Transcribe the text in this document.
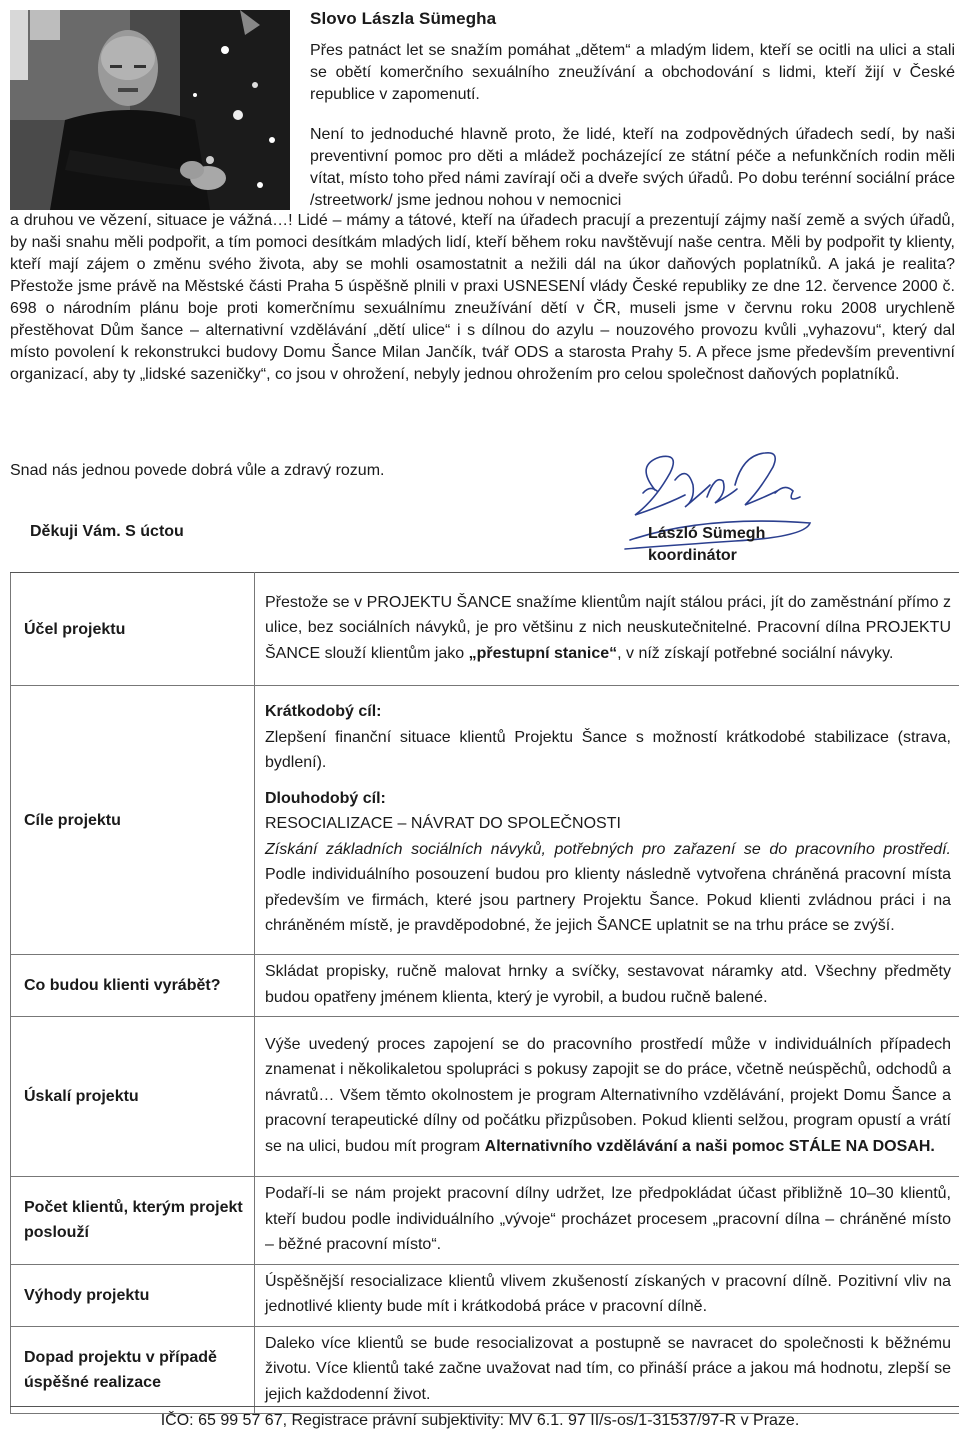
Slovo Lászla Sümegha
Přes patnáct let se snažím pomáhat „dětem“ a mladým lidem, kteří se ocitli na ulici a stali se obětí komerčního sexuálního zneužívání a obchodování s lidmi, kteří žijí v České republice v zapomenutí.
Není to jednoduché hlavně proto, že lidé, kteří na zodpovědných úřadech sedí, by naši preventivní pomoc pro děti a mládež pocházející ze státní péče a nefunkčních rodin měli vítat, místo toho před námi zavírají oči a dveře svých úřadů. Po dobu terénní sociální práce /streetwork/ jsme jednou nohou v nemocnici
a druhou ve vězení, situace je vážná…! Lidé – mámy a tátové, kteří na úřadech pracují a prezentují zájmy naší země a svých úřadů, by naši snahu měli podpořit, a tím pomoci desítkám mladých lidí, kteří během roku navštěvují naše centra. Měli by podpořit ty klienty, kteří mají zájem o změnu svého života, aby se mohli osamostatnit a nežili dál na úkor daňových poplatníků. A jaká je realita? Přestože jsme právě na Městské části Praha 5 úspěšně plnili v praxi USNESENÍ vlády České republiky ze dne 12. července 2000 č. 698 o národním plánu boje proti komerčnímu sexuálnímu zneužívání dětí v ČR, museli jsme v červnu roku 2008 urychleně přestěhovat Dům šance – alternativní vzdělávání „dětí ulice“ i s dílnou do azylu – nouzového provozu kvůli „vyhazovu“, který dal místo povolení k rekonstrukci budovy Domu Šance Milan Jančík, tvář ODS a starosta Prahy 5. A přece jsme především preventivní organizací, aby ty „lidské sazeničky“, co jsou v ohrožení, nebyly jednou ohrožením pro celou společnost daňových poplatníků.
Snad nás jednou povede dobrá vůle a zdravý rozum.
Děkuji Vám. S úctou	László Sümegh
koordinátor
Účel projektu	Přestože se v PROJEKTU ŠANCE snažíme klientům najít stálou práci, jít do zaměstnání přímo z ulice, bez sociálních návyků, je pro většinu z nich neuskutečnitelné. Pracovní dílna PROJEKTU ŠANCE slouží klientům jako „přestupní stanice“, v níž získají potřebné sociální návyky.
Cíle projektu	Krátkodobý cíl:
Zlepšení finanční situace klientů Projektu Šance s možností krátkodobé stabilizace (strava, bydlení).
Dlouhodobý cíl:
RESOCIALIZACE – NÁVRAT DO SPOLEČNOSTI
Získání základních sociálních návyků, potřebných pro zařazení se do pracovního prostředí. Podle individuálního posouzení budou pro klienty následně vytvořena chráněná pracovní místa především ve firmách, které jsou partnery Projektu Šance. Pokud klienti zvládnou práci i na chráněném místě, je pravděpodobné, že jejich ŠANCE uplatnit se na trhu práce se zvýší.

Co budou klienti vyrábět?	Skládat propisky, ručně malovat hrnky a svíčky, sestavovat náramky atd. Všechny předměty budou opatřeny jménem klienta, který je vyrobil, a budou ručně balené.
Úskalí projektu	Výše uvedený proces zapojení se do pracovního prostředí může v individuálních případech znamenat i několikaletou spolupráci s pokusy zapojit se do práce, včetně neúspěchů, odchodů a návratů… Všem těmto okolnostem je program Alternativního vzdělávání, projekt Domu Šance a pracovní terapeutické dílny od počátku přizpůsoben. Pokud klienti selžou, program opustí a vrátí se na ulici, budou mít program Alternativního vzdělávání a naši pomoc STÁLE NA DOSAH.
Počet klientů, kterým projekt poslouží	Podaří-li se nám projekt pracovní dílny udržet, lze předpokládat účast přibližně 10–30 klientů, kteří budou podle individuálního „vývoje“ procházet procesem „pracovní dílna – chráněné místo – běžné pracovní místo“.
Výhody projektu	Úspěšnější resocializace klientů vlivem zkušeností získaných v pracovní dílně. Pozitivní vliv na jednotlivé klienty bude mít i krátkodobá práce v pracovní dílně.
Dopad projektu v případě úspěšné realizace	Daleko více klientů se bude resocializovat a postupně se navracet do společnosti k běžnému životu. Více klientů také začne uvažovat nad tím, co přináší práce a jakou má hodnotu, zlepší se jejich každodenní život.
IČO: 65 99 57 67, Registrace právní subjektivity: MV 6.1. 97 II/s-os/1-31537/97-R v Praze.
